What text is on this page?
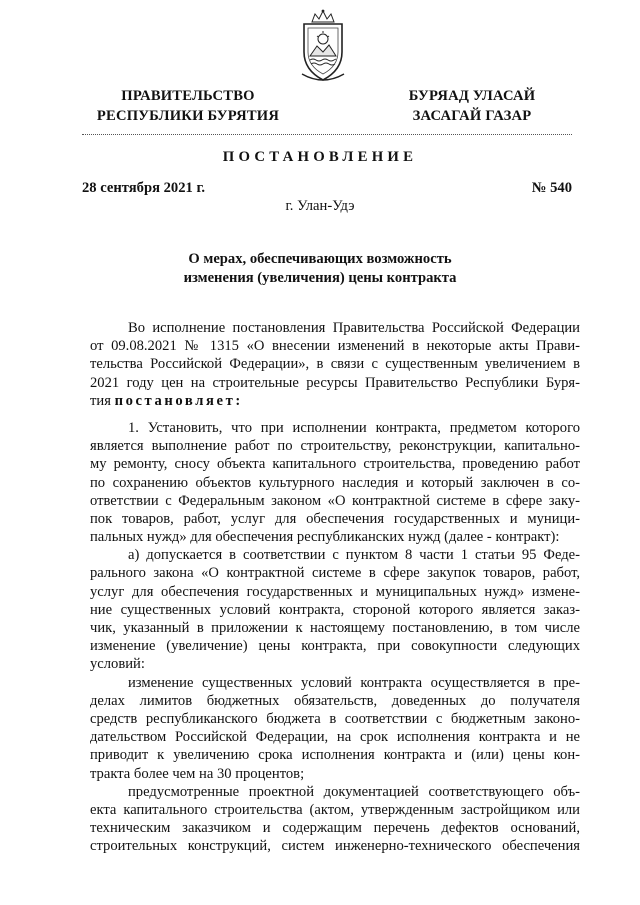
ПРАВИТЕЛЬСТВО
РЕСПУБЛИКИ БУРЯТИЯ
БУРЯАД УЛАСАЙ
ЗАСАГАЙ ГАЗАР
ПОСТАНОВЛЕНИЕ
28 сентября 2021 г.	№ 540
г. Улан-Удэ
О мерах, обеспечивающих возможность
изменения (увеличения) цены контракта
Во исполнение постановления Правительства Российской Федерации
от 09.08.2021 № 1315 «О внесении изменений в некоторые акты Прави-
тельства Российской Федерации», в связи с существенным увеличением в
2021 году цен на строительные ресурсы Правительство Республики Буря-
тия постановляет:
1. Установить, что при исполнении контракта, предметом которого
является выполнение работ по строительству, реконструкции, капитально-
му ремонту, сносу объекта капитального строительства, проведению работ
по сохранению объектов культурного наследия и который заключен в со-
ответствии с Федеральным законом «О контрактной системе в сфере заку-
пок товаров, работ, услуг для обеспечения государственных и муници-
пальных нужд» для обеспечения республиканских нужд (далее - контракт):
а) допускается в соответствии с пунктом 8 части 1 статьи 95 Феде-
рального закона «О контрактной системе в сфере закупок товаров, работ,
услуг для обеспечения государственных и муниципальных нужд» измене-
ние существенных условий контракта, стороной которого является заказ-
чик, указанный в приложении к настоящему постановлению, в том числе
изменение (увеличение) цены контракта, при совокупности следующих
условий:
изменение существенных условий контракта осуществляется в пре-
делах лимитов бюджетных обязательств, доведенных до получателя
средств республиканского бюджета в соответствии с бюджетным законо-
дательством Российской Федерации, на срок исполнения контракта и не
приводит к увеличению срока исполнения контракта и (или) цены кон-
тракта более чем на 30 процентов;
предусмотренные проектной документацией соответствующего объ-
екта капитального строительства (актом, утвержденным застройщиком или
техническим заказчиком и содержащим перечень дефектов оснований,
строительных конструкций, систем инженерно-технического обеспечения
